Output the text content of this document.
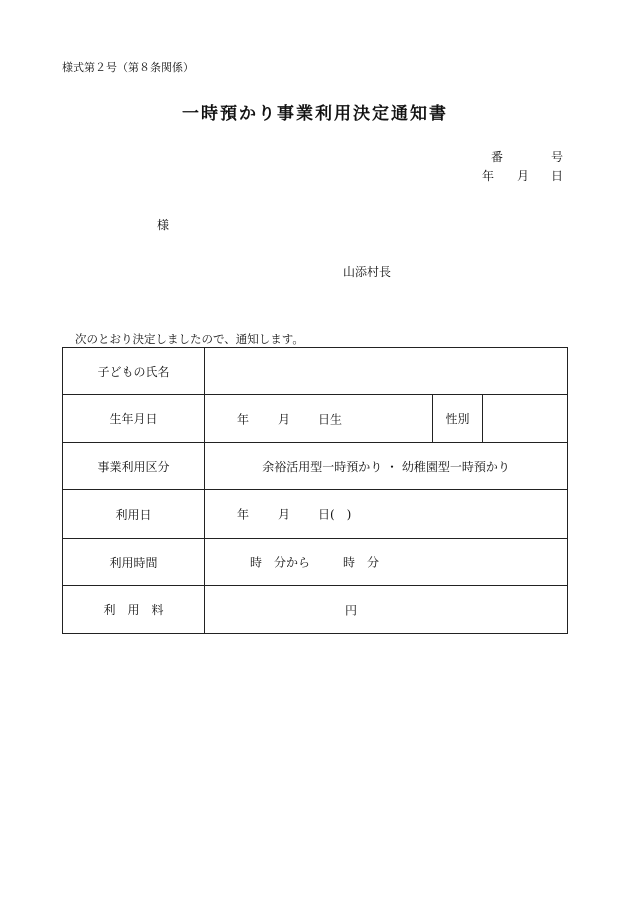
様式第２号（第８条関係）
一時預かり事業利用決定通知書
番	号
年 月 日
様
山添村長
次のとおり決定しましたので、通知します。
子どもの氏名			
生年月日	年 月 日生	性別	
事業利用区分	余裕活用型一時預かり ・ 幼稚園型一時預かり		
利用日	年 月 日(　)		

利用時間	時　分から 時　分		

利　用　料	円		
